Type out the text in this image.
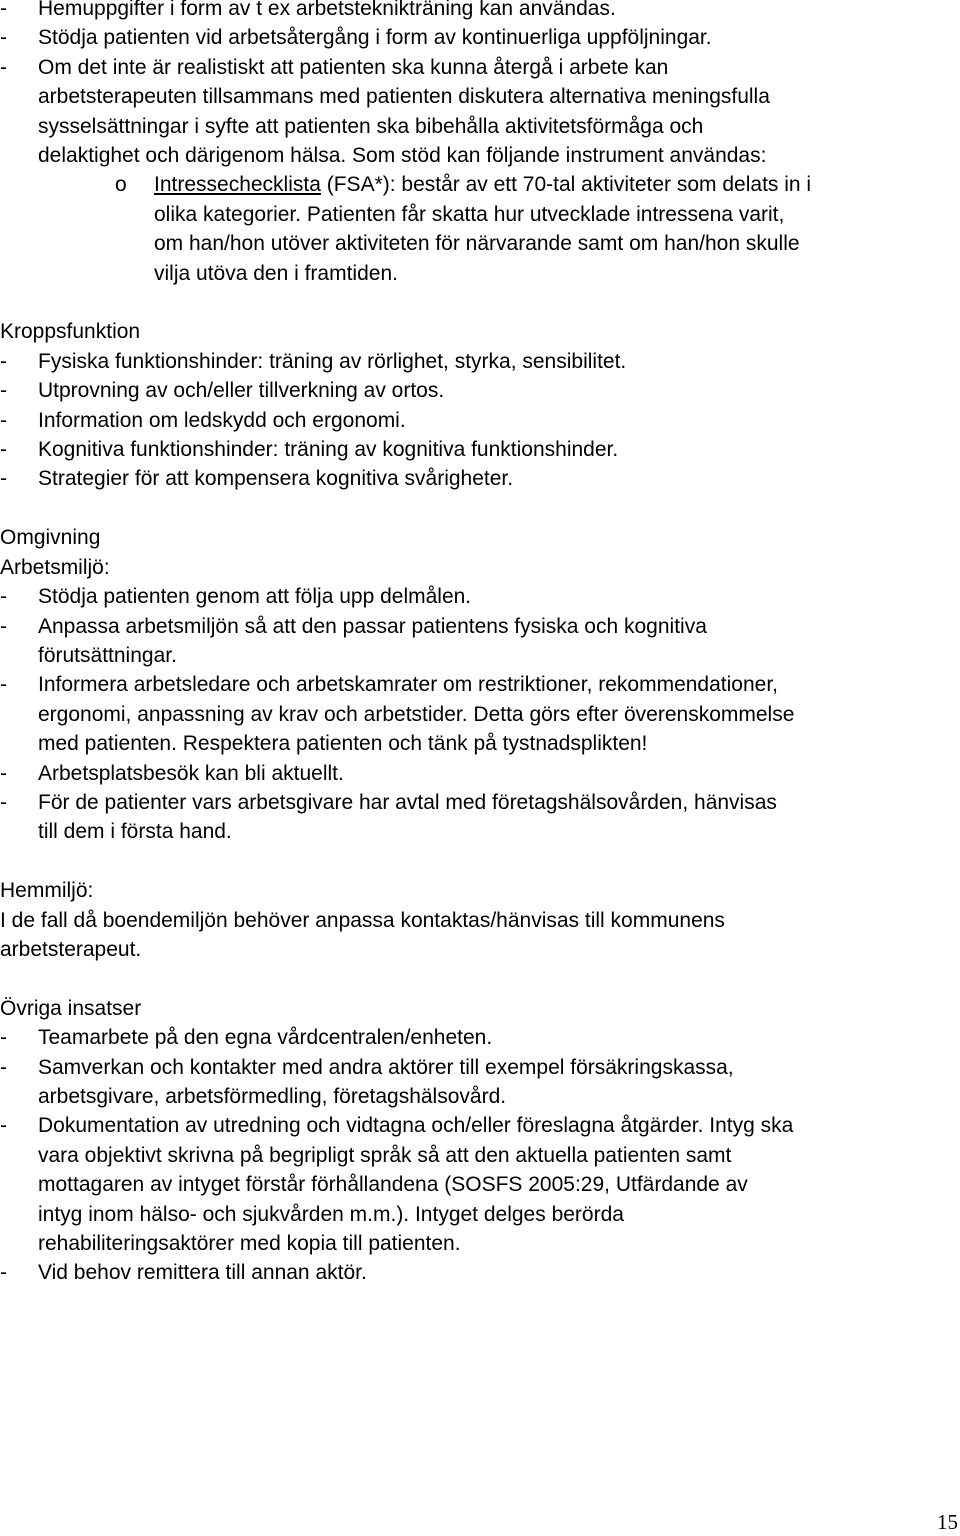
- Hemuppgifter i form av t ex arbetsteknikträning kan användas.
- Stödja patienten vid arbetsåtergång i form av kontinuerliga uppföljningar.
- Om det inte är realistiskt att patienten ska kunna återgå i arbete kan
arbetsterapeuten tillsammans med patienten diskutera alternativa meningsfulla
sysselsättningar i syfte att patienten ska bibehålla aktivitetsförmåga och
delaktighet och därigenom hälsa. Som stöd kan följande instrument användas:
o Intressechecklista (FSA*): består av ett 70-tal aktiviteter som delats in i
olika kategorier. Patienten får skatta hur utvecklade intressena varit,
om han/hon utöver aktiviteten för närvarande samt om han/hon skulle
vilja utöva den i framtiden.
Kroppsfunktion
- Fysiska funktionshinder: träning av rörlighet, styrka, sensibilitet.
- Utprovning av och/eller tillverkning av ortos.
- Information om ledskydd och ergonomi.
- Kognitiva funktionshinder: träning av kognitiva funktionshinder.
- Strategier för att kompensera kognitiva svårigheter.
Omgivning
Arbetsmiljö:
- Stödja patienten genom att följa upp delmålen.
- Anpassa arbetsmiljön så att den passar patientens fysiska och kognitiva
förutsättningar.
- Informera arbetsledare och arbetskamrater om restriktioner, rekommendationer,
ergonomi, anpassning av krav och arbetstider. Detta görs efter överenskommelse
med patienten. Respektera patienten och tänk på tystnadsplikten!
- Arbetsplatsbesök kan bli aktuellt.
- För de patienter vars arbetsgivare har avtal med företagshälsovården, hänvisas
till dem i första hand.
Hemmiljö:
I de fall då boendemiljön behöver anpassa kontaktas/hänvisas till kommunens
arbetsterapeut.
Övriga insatser
- Teamarbete på den egna vårdcentralen/enheten.
- Samverkan och kontakter med andra aktörer till exempel försäkringskassa,
arbetsgivare, arbetsförmedling, företagshälsovård.
- Dokumentation av utredning och vidtagna och/eller föreslagna åtgärder. Intyg ska
vara objektivt skrivna på begripligt språk så att den aktuella patienten samt
mottagaren av intyget förstår förhållandena (SOSFS 2005:29, Utfärdande av
intyg inom hälso- och sjukvården m.m.). Intyget delges berörda
rehabiliteringsaktörer med kopia till patienten.
- Vid behov remittera till annan aktör.
15
